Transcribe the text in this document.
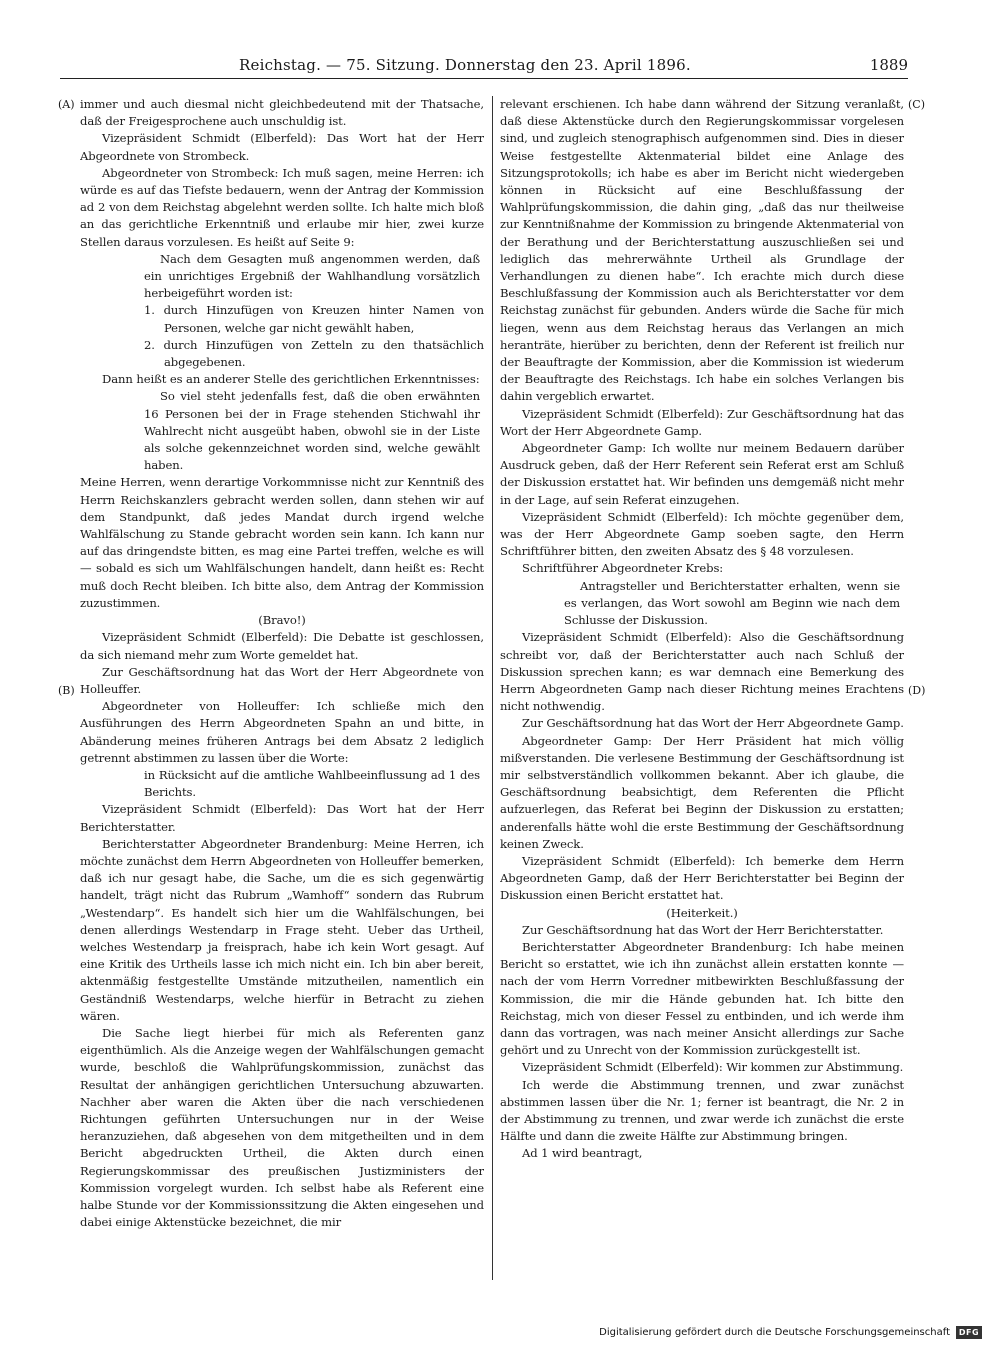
Reichstag. — 75. Sitzung. Donnerstag den 23. April 1896.	1889
(A)
(B)
(C)
(D)

immer und auch diesmal nicht gleichbedeutend mit der Thatsache, daß der Freigesprochene auch unschuldig ist.

Vizepräsident Schmidt (Elberfeld): Das Wort hat der Herr Abgeordnete von Strombeck.

Abgeordneter von Strombeck: Ich muß sagen, meine Herren: ich würde es auf das Tiefste bedauern, wenn der Antrag der Kommission ad 2 von dem Reichstag abgelehnt werden sollte. Ich halte mich bloß an das gerichtliche Erkenntniß und erlaube mir hier, zwei kurze Stellen daraus vorzulesen. Es heißt auf Seite 9:

Nach dem Gesagten muß angenommen werden, daß ein unrichtiges Ergebniß der Wahlhandlung vorsätzlich herbeigeführt worden ist:

1. durch Hinzufügen von Kreuzen hinter Namen von Personen, welche gar nicht gewählt haben,

2. durch Hinzufügen von Zetteln zu den thatsächlich abgegebenen.

Dann heißt es an anderer Stelle des gerichtlichen Erkenntnisses:

So viel steht jedenfalls fest, daß die oben erwähnten 16 Personen bei der in Frage stehenden Stichwahl ihr Wahlrecht nicht ausgeübt haben, obwohl sie in der Liste als solche gekennzeichnet worden sind, welche gewählt haben.

Meine Herren, wenn derartige Vorkommnisse nicht zur Kenntniß des Herrn Reichskanzlers gebracht werden sollen, dann stehen wir auf dem Standpunkt, daß jedes Mandat durch irgend welche Wahlfälschung zu Stande gebracht worden sein kann. Ich kann nur auf das dringendste bitten, es mag eine Partei treffen, welche es will — sobald es sich um Wahlfälschungen handelt, dann heißt es: Recht muß doch Recht bleiben. Ich bitte also, dem Antrag der Kommission zuzustimmen.

(Bravo!)

Vizepräsident Schmidt (Elberfeld): Die Debatte ist geschlossen, da sich niemand mehr zum Worte gemeldet hat.

Zur Geschäftsordnung hat das Wort der Herr Abgeordnete von Holleuffer.

Abgeordneter von Holleuffer: Ich schließe mich den Ausführungen des Herrn Abgeordneten Spahn an und bitte, in Abänderung meines früheren Antrags bei dem Absatz 2 lediglich getrennt abstimmen zu lassen über die Worte:

in Rücksicht auf die amtliche Wahlbeeinflussung ad 1 des Berichts.

Vizepräsident Schmidt (Elberfeld): Das Wort hat der Herr Berichterstatter.

Berichterstatter Abgeordneter Brandenburg: Meine Herren, ich möchte zunächst dem Herrn Abgeordneten von Holleuffer bemerken, daß ich nur gesagt habe, die Sache, um die es sich gegenwärtig handelt, trägt nicht das Rubrum „Wamhoff“ sondern das Rubrum „Westendarp“. Es handelt sich hier um die Wahlfälschungen, bei denen allerdings Westendarp in Frage steht. Ueber das Urtheil, welches Westendarp ja freisprach, habe ich kein Wort gesagt. Auf eine Kritik des Urtheils lasse ich mich nicht ein. Ich bin aber bereit, aktenmäßig festgestellte Umstände mitzutheilen, namentlich ein Geständniß Westendarps, welche hierfür in Betracht zu ziehen wären.

Die Sache liegt hierbei für mich als Referenten ganz eigenthümlich. Als die Anzeige wegen der Wahlfälschungen gemacht wurde, beschloß die Wahlprüfungskommission, zunächst das Resultat der anhängigen gerichtlichen Untersuchung abzuwarten. Nachher aber waren die Akten über die nach verschiedenen Richtungen geführten Untersuchungen nur in der Weise heranzuziehen, daß abgesehen von dem mitgetheilten und in dem Bericht abgedruckten Urtheil, die Akten durch einen Regierungskommissar des preußischen Justizministers der Kommission vorgelegt wurden. Ich selbst habe als Referent eine halbe Stunde vor der Kommissionssitzung die Akten eingesehen und dabei einige Aktenstücke bezeichnet, die mir

relevant erschienen. Ich habe dann während der Sitzung veranlaßt, daß diese Aktenstücke durch den Regierungskommissar vorgelesen sind, und zugleich stenographisch aufgenommen sind. Dies in dieser Weise festgestellte Aktenmaterial bildet eine Anlage des Sitzungsprotokolls; ich habe es aber im Bericht nicht wiedergeben können in Rücksicht auf eine Beschlußfassung der Wahlprüfungskommission, die dahin ging, „daß das nur theilweise zur Kenntnißnahme der Kommission zu bringende Aktenmaterial von der Berathung und der Berichterstattung auszuschließen sei und lediglich das mehrerwähnte Urtheil als Grundlage der Verhandlungen zu dienen habe“. Ich erachte mich durch diese Beschlußfassung der Kommission auch als Berichterstatter vor dem Reichstag zunächst für gebunden. Anders würde die Sache für mich liegen, wenn aus dem Reichstag heraus das Verlangen an mich heranträte, hierüber zu berichten, denn der Referent ist freilich nur der Beauftragte der Kommission, aber die Kommission ist wiederum der Beauftragte des Reichstags. Ich habe ein solches Verlangen bis dahin vergeblich erwartet.

Vizepräsident Schmidt (Elberfeld): Zur Geschäftsordnung hat das Wort der Herr Abgeordnete Gamp.

Abgeordneter Gamp: Ich wollte nur meinem Bedauern darüber Ausdruck geben, daß der Herr Referent sein Referat erst am Schluß der Diskussion erstattet hat. Wir befinden uns demgemäß nicht mehr in der Lage, auf sein Referat einzugehen.

Vizepräsident Schmidt (Elberfeld): Ich möchte gegenüber dem, was der Herr Abgeordnete Gamp soeben sagte, den Herrn Schriftführer bitten, den zweiten Absatz des § 48 vorzulesen.

Schriftführer Abgeordneter Krebs:

Antragsteller und Berichterstatter erhalten, wenn sie es verlangen, das Wort sowohl am Beginn wie nach dem Schlusse der Diskussion.

Vizepräsident Schmidt (Elberfeld): Also die Geschäftsordnung schreibt vor, daß der Berichterstatter auch nach Schluß der Diskussion sprechen kann; es war demnach eine Bemerkung des Herrn Abgeordneten Gamp nach dieser Richtung meines Erachtens nicht nothwendig.

Zur Geschäftsordnung hat das Wort der Herr Abgeordnete Gamp.

Abgeordneter Gamp: Der Herr Präsident hat mich völlig mißverstanden. Die verlesene Bestimmung der Geschäftsordnung ist mir selbstverständlich vollkommen bekannt. Aber ich glaube, die Geschäftsordnung beabsichtigt, dem Referenten die Pflicht aufzuerlegen, das Referat bei Beginn der Diskussion zu erstatten; anderenfalls hätte wohl die erste Bestimmung der Geschäftsordnung keinen Zweck.

Vizepräsident Schmidt (Elberfeld): Ich bemerke dem Herrn Abgeordneten Gamp, daß der Herr Berichterstatter bei Beginn der Diskussion einen Bericht erstattet hat.

(Heiterkeit.)

Zur Geschäftsordnung hat das Wort der Herr Berichterstatter.

Berichterstatter Abgeordneter Brandenburg: Ich habe meinen Bericht so erstattet, wie ich ihn zunächst allein erstatten konnte — nach der vom Herrn Vorredner mitbewirkten Beschlußfassung der Kommission, die mir die Hände gebunden hat. Ich bitte den Reichstag, mich von dieser Fessel zu entbinden, und ich werde ihm dann das vortragen, was nach meiner Ansicht allerdings zur Sache gehört und zu Unrecht von der Kommission zurückgestellt ist.

Vizepräsident Schmidt (Elberfeld): Wir kommen zur Abstimmung.

Ich werde die Abstimmung trennen, und zwar zunächst abstimmen lassen über die Nr. 1; ferner ist beantragt, die Nr. 2 in der Abstimmung zu trennen, und zwar werde ich zunächst die erste Hälfte und dann die zweite Hälfte zur Abstimmung bringen.

Ad 1 wird beantragt,

Digitalisierung gefördert durch die Deutsche Forschungsgemeinschaft	DFG
